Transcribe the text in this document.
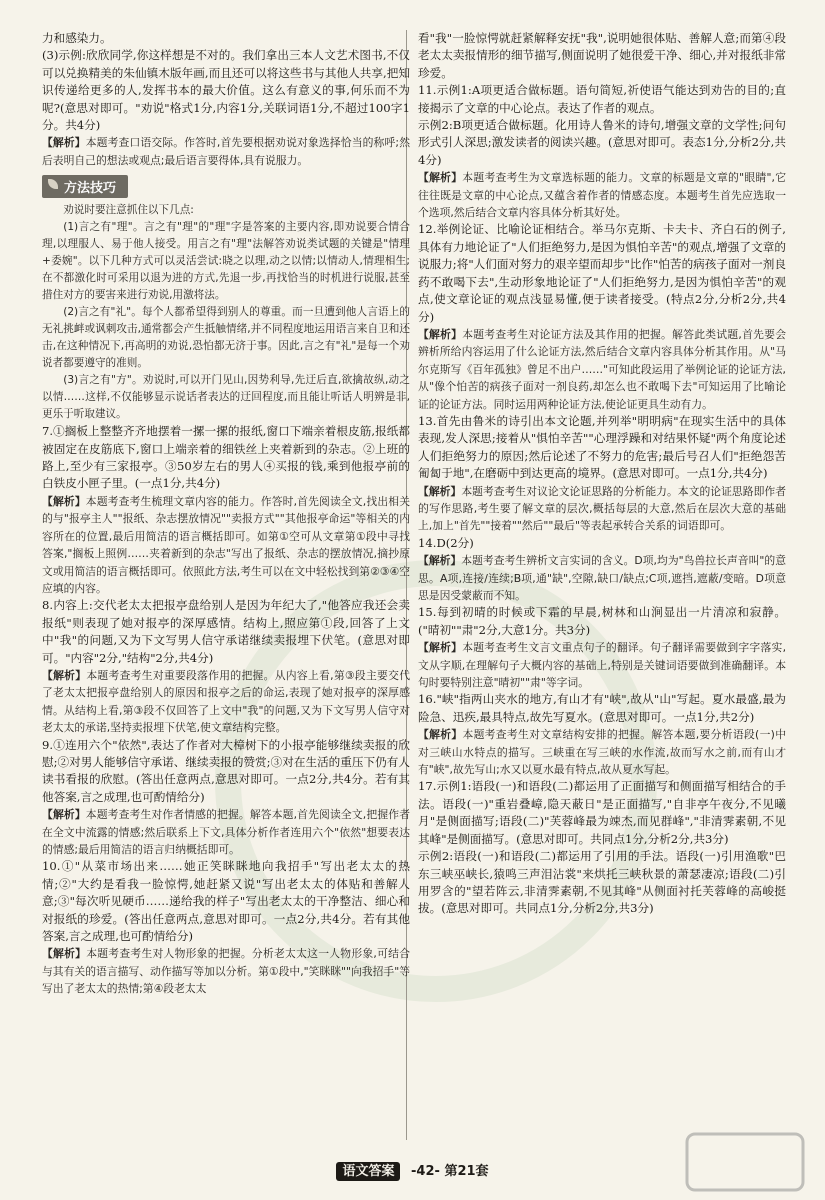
力和感染力。

(3)示例:欣欣同学,你这样想是不对的。我们拿出三本人文艺术图书,不仅可以兑换精美的朱仙镇木版年画,而且还可以将这些书与其他人共享,把知识传递给更多的人,发挥书本的最大价值。这么有意义的事,何乐而不为呢?(意思对即可。"劝说"格式1分,内容1分,关联词语1分,不超过100字1分。共4分)

【解析】本题考查口语交际。作答时,首先要根据劝说对象选择恰当的称呼;然后表明自己的想法或观点;最后语言要得体,具有说服力。

方法技巧

劝说时要注意抓住以下几点:

(1)言之有"理"。言之有"理"的"理"字是答案的主要内容,即劝说要合情合理,以理服人、易于他人接受。用言之有"理"法解答劝说类试题的关键是"情理+委婉"。以下几种方式可以灵活尝试:晓之以理,动之以情;以情动人,情理相生;在不都激化时可采用以退为进的方式,先退一步,再找恰当的时机进行说服,甚至措住对方的要害来进行劝说,用激将法。

(2)言之有"礼"。每个人都希望得到别人的尊重。而一旦遭到他人言语上的无礼挑衅或讽刺攻击,通常都会产生抵触情绪,并不同程度地运用语言来自卫和还击,在这种情况下,再高明的劝说,恐怕都无济于事。因此,言之有"礼"是每一个劝说者都要遵守的准则。

(3)言之有"方"。劝说时,可以开门见山,因势利导,先迂后直,欲擒故纵,动之以情……这样,不仅能够显示说话者表达的迂回程度,而且能让听话人明辨是非,更乐于听取建议。

7.①搁板上整整齐齐地摆着一摞一摞的报纸,窗口下端亲着根皮筋,报纸都被固定在皮筋底下,窗口上端亲着的细铁丝上夹着新到的杂志。②上班的路上,至少有三家报亭。③50岁左右的男人④买报的钱,乘到他报亭前的白铁皮小匣子里。(一点1分,共4分)

【解析】本题考查考生梳理文章内容的能力。作答时,首先阅读全文,找出相关的与"报亭主人""报纸、杂志摆放情况""卖报方式""其他报亭命运"等相关的内容所在的位置,最后用简洁的语言概括即可。如第①空可从文章第①段中寻找答案,"搁板上照例……夹着新到的杂志"写出了报纸、杂志的摆放情况,摘抄原文或用简洁的语言概括即可。依照此方法,考生可以在文中轻松找到第②③④空应填的内容。

8.内容上:交代老太太把报亭盘给别人是因为年纪大了,"他答应我还会卖报纸"则表现了她对报亭的深厚感情。结构上,照应第①段,回答了上文中"我"的问题,又为下文写男人信守承诺继续卖报埋下伏笔。(意思对即可。"内容"2分,"结构"2分,共4分)

【解析】本题考查考生对重要段落作用的把握。从内容上看,第③段主要交代了老太太把报亭盘给别人的原因和报亭之后的命运,表现了她对报亭的深厚感情。从结构上看,第③段不仅回答了上文中"我"的问题,又为下文写男人信守对老太太的承诺,坚持卖报埋下伏笔,使文章结构完整。

9.①连用六个"依然",表达了作者对大樟树下的小报亭能够继续卖报的欣慰;②对男人能够信守承诺、继续卖报的赞赏;③对在生活的重压下仍有人读书看报的欣慰。(答出任意两点,意思对即可。一点2分,共4分。若有其他答案,言之成理,也可酌情给分)

【解析】本题考查考生对作者情感的把握。解答本题,首先阅读全文,把握作者在全文中流露的情感;然后联系上下文,具体分析作者连用六个"依然"想要表达的情感;最后用简洁的语言归纳概括即可。

10.①"从菜市场出来……她正笑眯眯地向我招手"写出老太太的热情;②"大约是看我一脸惊愕,她赶紧又说"写出老太太的体贴和善解人意;③"每次听见硬币……递给我的样子"写出老太太的干净整洁、细心和对报纸的珍爱。(答出任意两点,意思对即可。一点2分,共4分。若有其他答案,言之成理,也可酌情给分)

【解析】本题考查考生对人物形象的把握。分析老太太这一人物形象,可结合与其有关的语言描写、动作描写等加以分析。第①段中,"笑眯眯""向我招手"等写出了老太太的热情;第④段老太太

看"我"一脸惊愕就赶紧解释安抚"我",说明她很体贴、善解人意;而第④段老太太卖报情形的细节描写,侧面说明了她很爱干净、细心,并对报纸非常珍爱。

11.示例1:A项更适合做标题。语句简短,祈使语气能达到劝告的目的;直接揭示了文章的中心论点。表达了作者的观点。

示例2:B项更适合做标题。化用诗人鲁米的诗句,增强文章的文学性;问句形式引人深思;激发读者的阅读兴趣。(意思对即可。表态1分,分析2分,共4分)

【解析】本题考查考生为文章选标题的能力。文章的标题是文章的"眼睛",它往往既是文章的中心论点,又蕴含着作者的情感态度。本题考生首先应选取一个选项,然后结合文章内容具体分析其好处。

12.举例论证、比喻论证相结合。举马尔克斯、卡夫卡、齐白石的例子,具体有力地论证了"人们拒绝努力,是因为惧怕辛苦"的观点,增强了文章的说服力;将"人们面对努力的艰辛望而却步"比作"怕苦的病孩子面对一剂良药不敢喝下去",生动形象地论证了"人们拒绝努力,是因为惧怕辛苦"的观点,使文章论证的观点浅显易懂,便于读者接受。(特点2分,分析2分,共4分)

【解析】本题考查考生对论证方法及其作用的把握。解答此类试题,首先要会辨析所给内容运用了什么论证方法,然后结合文章内容具体分析其作用。从"马尔克斯写《百年孤独》曾足不出户……"可知此段运用了举例论证的论证方法,从"像个怕苦的病孩子面对一剂良药,却怎么也不敢喝下去"可知运用了比喻论证的论证方法。同时运用两种论证方法,使论证更具生动有力。

13.首先由鲁米的诗引出本文论题,并列举"明明病"在现实生活中的具体表现,发人深思;接着从"惧怕辛苦""心理浮躁和对结果怀疑"两个角度论述人们拒绝努力的原因;然后论述了不努力的危害;最后号召人们"拒绝怨苦匍匐于地",在磨砺中到达更高的境界。(意思对即可。一点1分,共4分)

【解析】本题考查考生对议论文论证思路的分析能力。本文的论证思路即作者的写作思路,考生要了解文章的层次,概括每层的大意,然后在层次大意的基础上,加上"首先""接着""然后""最后"等表起承转合关系的词语即可。

14.D(2分)

【解析】本题考查考生辨析文言实词的含义。D项,均为"鸟兽拉长声音叫"的意思。A项,连接/连续;B项,通"缺",空隙,缺口/缺点;C项,遮挡,遮蔽/变暗。D项意思是因受蒙蔽而不知。

15.每到初晴的时候或下霜的早晨,树林和山涧显出一片清凉和寂静。("晴初""肃"2分,大意1分。共3分)

【解析】本题考查考生文言文重点句子的翻译。句子翻译需要做到字字落实,文从字顺,在理解句子大概内容的基础上,特别是关键词语要做到准确翻译。本句时要特别注意"晴初""肃"等字词。

16."峡"指两山夹水的地方,有山才有"峡",故从"山"写起。夏水最盛,最为险急、迅疾,最具特点,故先写夏水。(意思对即可。一点1分,共2分)

【解析】本题考查考生对文章结构安排的把握。解答本题,要分析语段(一)中对三峡山水特点的描写。三峡重在写三峡的水作流,故而写水之前,而有山才有"峡",故先写山;水又以夏水最有特点,故从夏水写起。

17.示例1:语段(一)和语段(二)都运用了正面描写和侧面描写相结合的手法。语段(一)"重岩叠嶂,隐天蔽日"是正面描写,"自非亭午夜分,不见曦月"是侧面描写;语段(二)"芙蓉峰最为竦杰,而见群峰","非清霁素朝,不见其峰"是侧面描写。(意思对即可。共同点1分,分析2分,共3分)

示例2:语段(一)和语段(二)都运用了引用的手法。语段(一)引用渔歌"巴东三峡巫峡长,猿鸣三声泪沾裳"来烘托三峡秋景的萧瑟凄凉;语段(二)引用罗含的"望若阵云,非清霁素朝,不见其峰"从侧面衬托芙蓉峰的高峻挺拔。(意思对即可。共同点1分,分析2分,共3分)

语文答案 -42- 第21套
